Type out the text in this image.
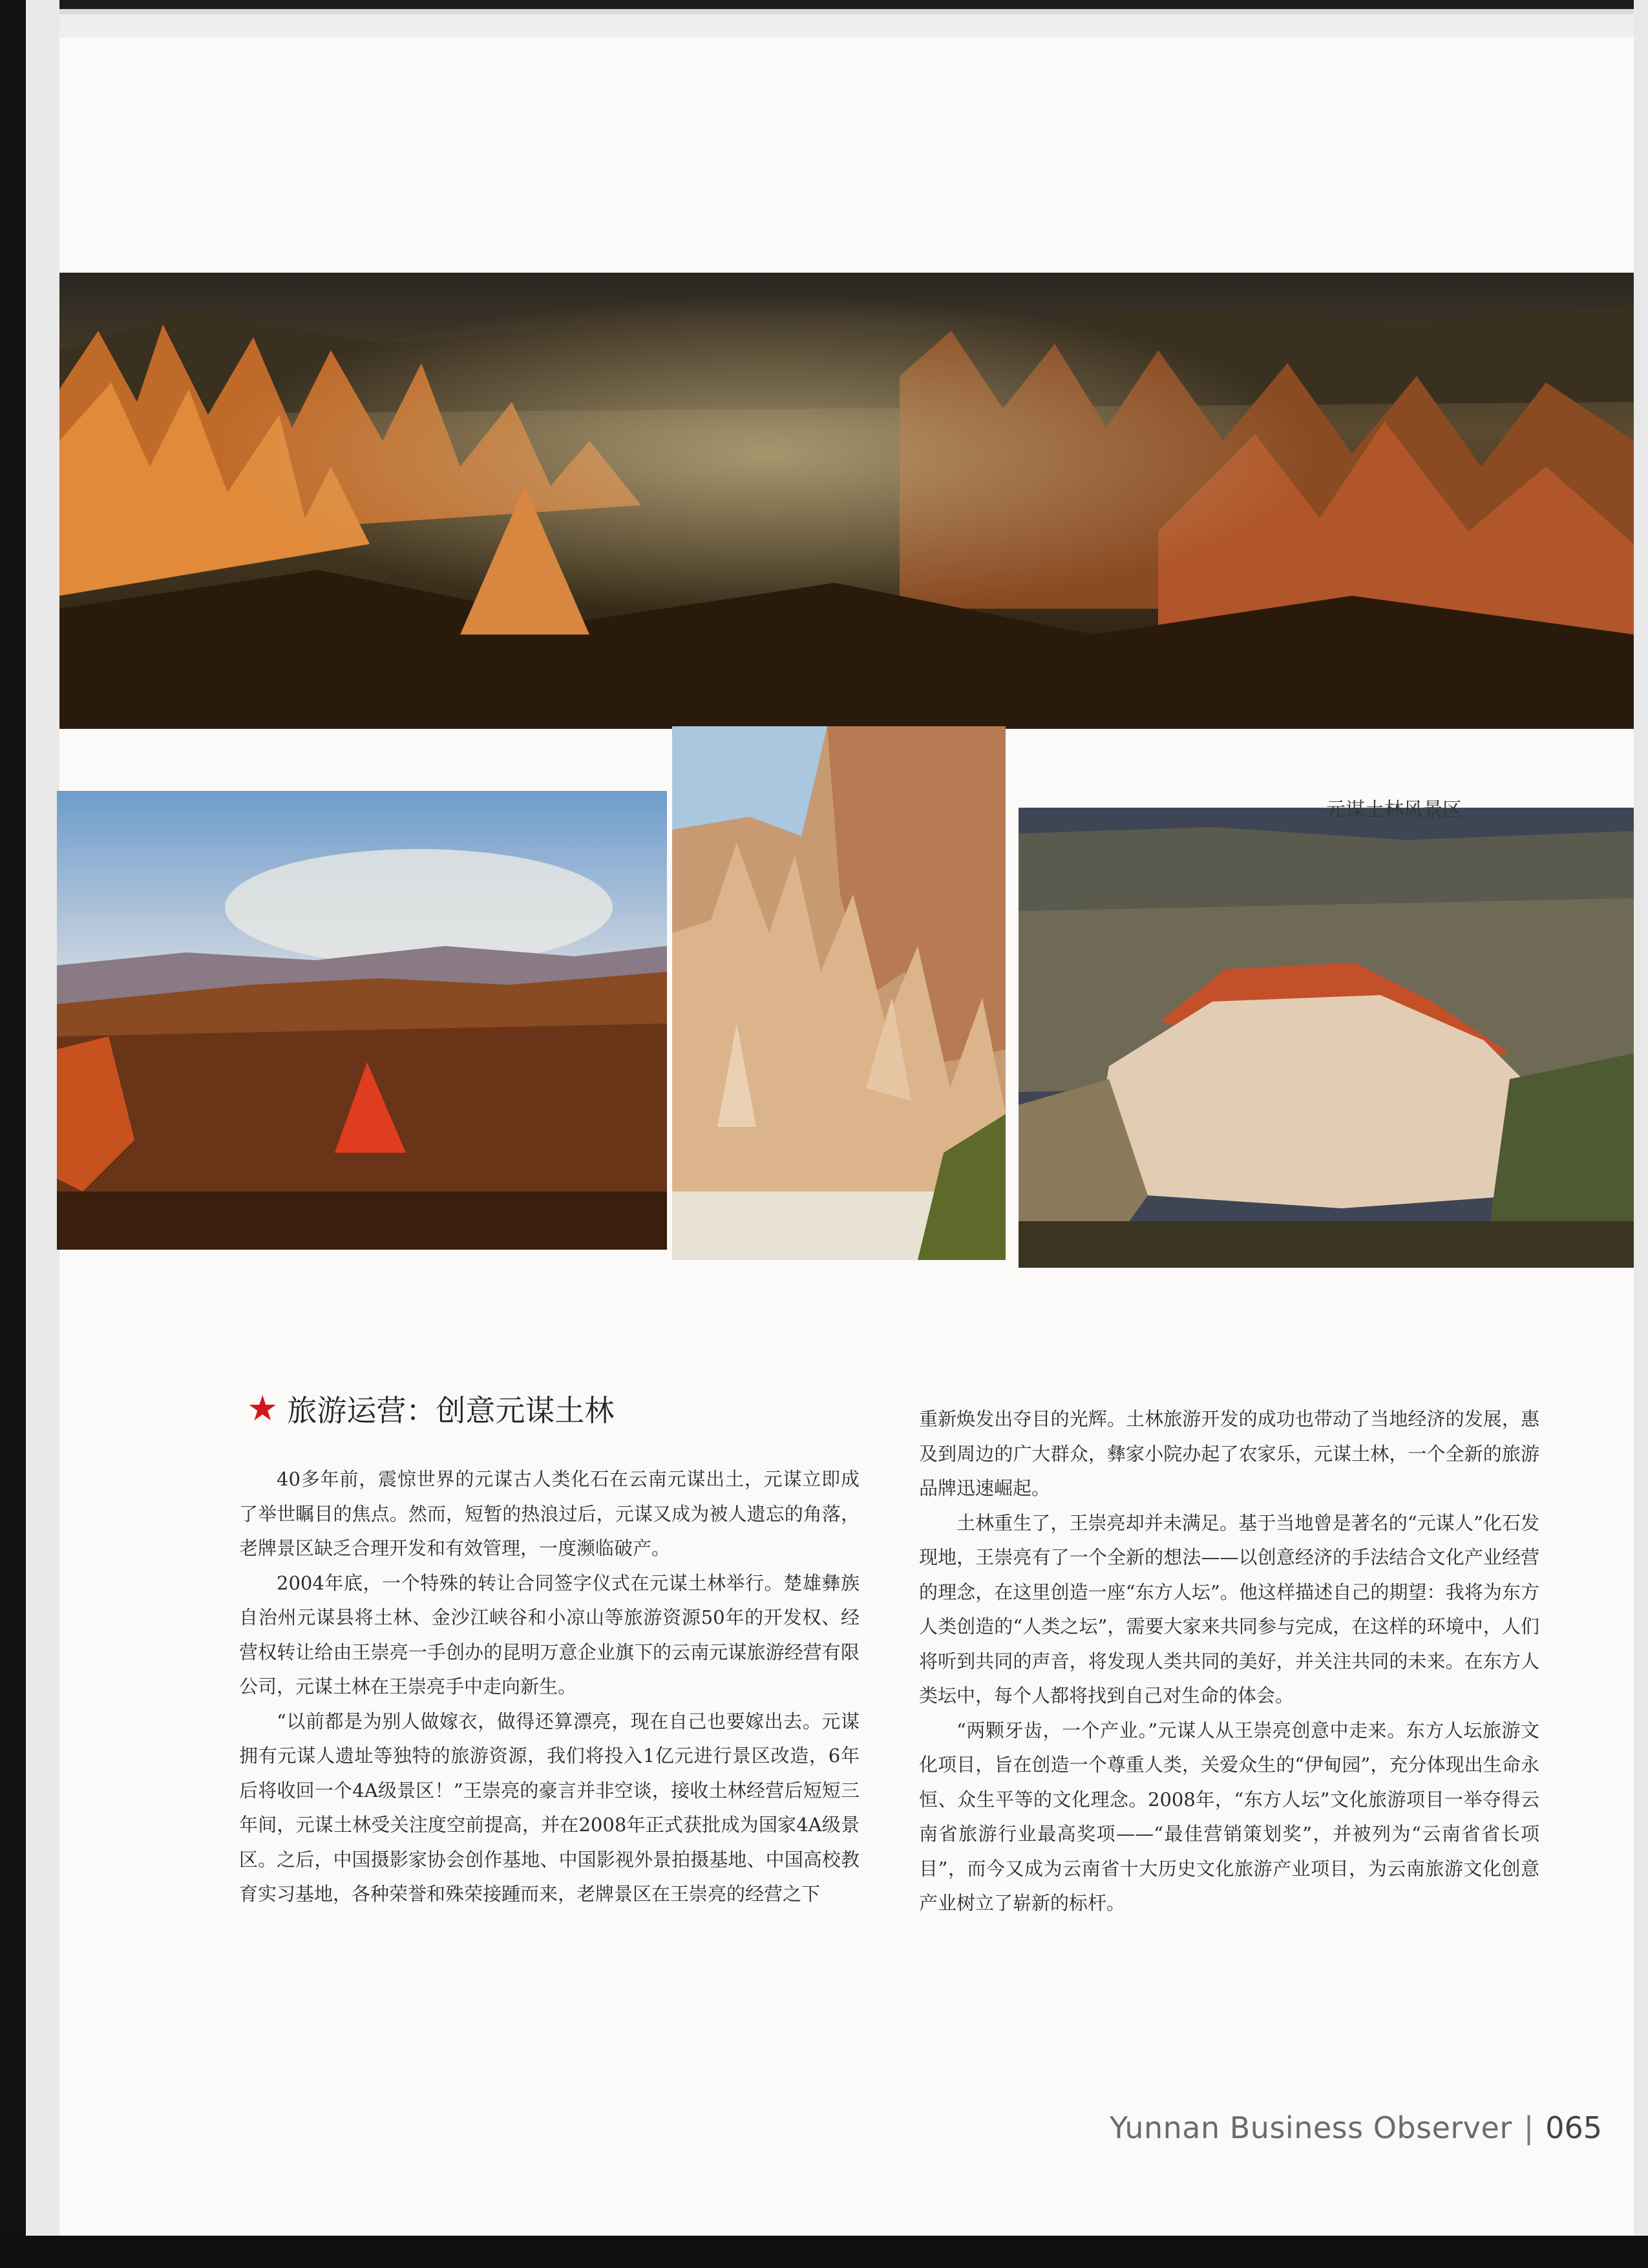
元谋土林风景区
★ 旅游运营：创意元谋土林

40多年前，震惊世界的元谋古人类化石在云南元谋出土，元谋立即成了举世瞩目的焦点。然而，短暂的热浪过后，元谋又成为被人遗忘的角落，老牌景区缺乏合理开发和有效管理，一度濒临破产。

2004年底，一个特殊的转让合同签字仪式在元谋土林举行。楚雄彝族自治州元谋县将土林、金沙江峡谷和小凉山等旅游资源50年的开发权、经营权转让给由王崇亮一手创办的昆明万意企业旗下的云南元谋旅游经营有限公司，元谋土林在王崇亮手中走向新生。

“以前都是为别人做嫁衣，做得还算漂亮，现在自己也要嫁出去。元谋拥有元谋人遗址等独特的旅游资源，我们将投入1亿元进行景区改造，6年后将收回一个4A级景区！”王崇亮的豪言并非空谈，接收土林经营后短短三年间，元谋土林受关注度空前提高，并在2008年正式获批成为国家4A级景区。之后，中国摄影家协会创作基地、中国影视外景拍摄基地、中国高校教育实习基地，各种荣誉和殊荣接踵而来，老牌景区在王崇亮的经营之下

重新焕发出夺目的光辉。土林旅游开发的成功也带动了当地经济的发展，惠及到周边的广大群众，彝家小院办起了农家乐，元谋土林，一个全新的旅游品牌迅速崛起。

土林重生了，王崇亮却并未满足。基于当地曾是著名的“元谋人”化石发现地，王崇亮有了一个全新的想法——以创意经济的手法结合文化产业经营的理念，在这里创造一座“东方人坛”。他这样描述自己的期望：我将为东方人类创造的“人类之坛”，需要大家来共同参与完成，在这样的环境中，人们将听到共同的声音，将发现人类共同的美好，并关注共同的未来。在东方人类坛中，每个人都将找到自己对生命的体会。

“两颗牙齿，一个产业。”元谋人从王崇亮创意中走来。东方人坛旅游文化项目，旨在创造一个尊重人类，关爱众生的“伊甸园”，充分体现出生命永恒、众生平等的文化理念。2008年，“东方人坛”文化旅游项目一举夺得云南省旅游行业最高奖项——“最佳营销策划奖”，并被列为“云南省省长项目”，而今又成为云南省十大历史文化旅游产业项目，为云南旅游文化创意产业树立了崭新的标杆。

Yunnan Business Observer | 065
